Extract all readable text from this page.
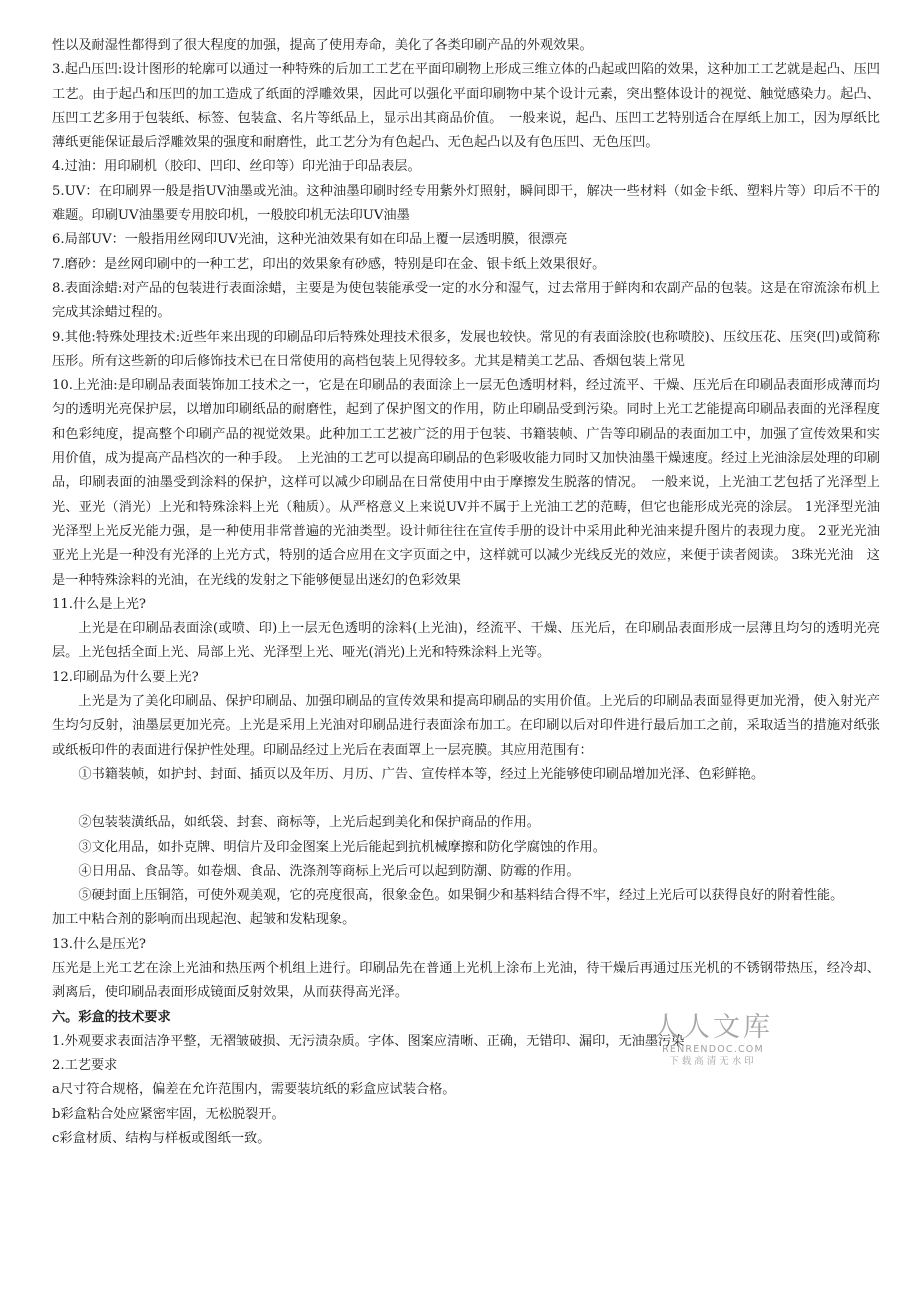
性以及耐湿性都得到了很大程度的加强，提高了使用寿命，美化了各类印刷产品的外观效果。

3.起凸压凹:设计图形的轮廓可以通过一种特殊的后加工工艺在平面印刷物上形成三维立体的凸起或凹陷的效果，这种加工工艺就是起凸、压凹工艺。由于起凸和压凹的加工造成了纸面的浮雕效果，因此可以强化平面印刷物中某个设计元素，突出整体设计的视觉、触觉感染力。起凸、压凹工艺多用于包装纸、标签、包装盒、名片等纸品上，显示出其商品价值。　一般来说，起凸、压凹工艺特别适合在厚纸上加工，因为厚纸比薄纸更能保证最后浮雕效果的强度和耐磨性，此工艺分为有色起凸、无色起凸以及有色压凹、无色压凹。

4.过油：用印刷机（胶印、凹印、丝印等）印光油于印品表层。

5.UV：在印刷界一般是指UV油墨或光油。这种油墨印刷时经专用紫外灯照射，瞬间即干，解决一些材料（如金卡纸、塑料片等）印后不干的难题。印刷UV油墨要专用胶印机，一般胶印机无法印UV油墨

6.局部UV：一般指用丝网印UV光油，这种光油效果有如在印品上覆一层透明膜，很漂亮

7.磨砂：是丝网印刷中的一种工艺，印出的效果象有砂感，特别是印在金、银卡纸上效果很好。

8.表面涂蜡:对产品的包装进行表面涂蜡，主要是为使包装能承受一定的水分和湿气，过去常用于鲜肉和农副产品的包装。这是在帘流涂布机上完成其涂蜡过程的。

9.其他:特殊处理技术:近些年来出现的印刷品印后特殊处理技术很多，发展也较快。常见的有表面涂胶(也称喷胶)、压纹压花、压突(凹)或简称压形。所有这些新的印后修饰技术已在日常使用的高档包装上见得较多。尤其是精美工艺品、香烟包装上常见

10.上光油:是印刷品表面装饰加工技术之一，它是在印刷品的表面涂上一层无色透明材料，经过流平、干燥、压光后在印刷品表面形成薄而均匀的透明光亮保护层，以增加印刷纸品的耐磨性，起到了保护图文的作用，防止印刷品受到污染。同时上光工艺能提高印刷品表面的光泽程度和色彩纯度，提高整个印刷产品的视觉效果。此种加工工艺被广泛的用于包装、书籍装帧、广告等印刷品的表面加工中，加强了宣传效果和实用价值，成为提高产品档次的一种手段。　上光油的工艺可以提高印刷品的色彩吸收能力同时又加快油墨干燥速度。经过上光油涂层处理的印刷品，印刷表面的油墨受到涂料的保护，这样可以减少印刷品在日常使用中由于摩擦发生脱落的情况。　一般来说，上光油工艺包括了光泽型上光、亚光（消光）上光和特殊涂料上光（釉质）。从严格意义上来说UV并不属于上光油工艺的范畴，但它也能形成光亮的涂层。 1光泽型光油光泽型上光反光能力强，是一种使用非常普遍的光油类型。设计师往往在宣传手册的设计中采用此种光油来提升图片的表现力度。 2亚光光油　亚光上光是一种没有光泽的上光方式，特别的适合应用在文字页面之中，这样就可以减少光线反光的效应，来便于读者阅读。 3珠光光油　这是一种特殊涂料的光油，在光线的发射之下能够便显出迷幻的色彩效果

11.什么是上光?

上光是在印刷品表面涂(或喷、印)上一层无色透明的涂料(上光油)，经流平、干燥、压光后，在印刷品表面形成一层薄且均匀的透明光亮层。上光包括全面上光、局部上光、光泽型上光、哑光(消光)上光和特殊涂料上光等。

12.印刷品为什么要上光?

上光是为了美化印刷品、保护印刷品、加强印刷品的宣传效果和提高印刷品的实用价值。上光后的印刷品表面显得更加光滑，使入射光产生均匀反射，油墨层更加光亮。上光是采用上光油对印刷品进行表面涂布加工。在印刷以后对印件进行最后加工之前，采取适当的措施对纸张或纸板印件的表面进行保护性处理。印刷品经过上光后在表面罩上一层亮膜。其应用范围有：

①书籍装帧，如护封、封面、插页以及年历、月历、广告、宣传样本等，经过上光能够使印刷品增加光泽、色彩鲜艳。

②包装装潢纸品，如纸袋、封套、商标等，上光后起到美化和保护商品的作用。

③文化用品，如扑克牌、明信片及印金图案上光后能起到抗机械摩擦和防化学腐蚀的作用。

④日用品、食品等。如卷烟、食品、洗涤剂等商标上光后可以起到防潮、防霉的作用。

⑤硬封面上压铜箔，可使外观美观，它的亮度很高，很象金色。如果铜少和基料结合得不牢，经过上光后可以获得良好的附着性能。

加工中粘合剂的影响而出现起泡、起皱和发粘现象。

13.什么是压光?

压光是上光工艺在涂上光油和热压两个机组上进行。印刷品先在普通上光机上涂布上光油，待干燥后再通过压光机的不锈钢带热压，经冷却、剥离后，使印刷品表面形成镜面反射效果，从而获得高光泽。

六。彩盒的技术要求

1.外观要求表面洁净平整，无褶皱破损、无污渍杂质。字体、图案应清晰、正确，无错印、漏印，无油墨污染

2.工艺要求

a尺寸符合规格，偏差在允许范围内，需要装坑纸的彩盒应试装合格。

b彩盒粘合处应紧密牢固，无松脱裂开。

c彩盒材质、结构与样板或图纸一致。

人人文库
RENRENDOC.COM
下载高清无水印
